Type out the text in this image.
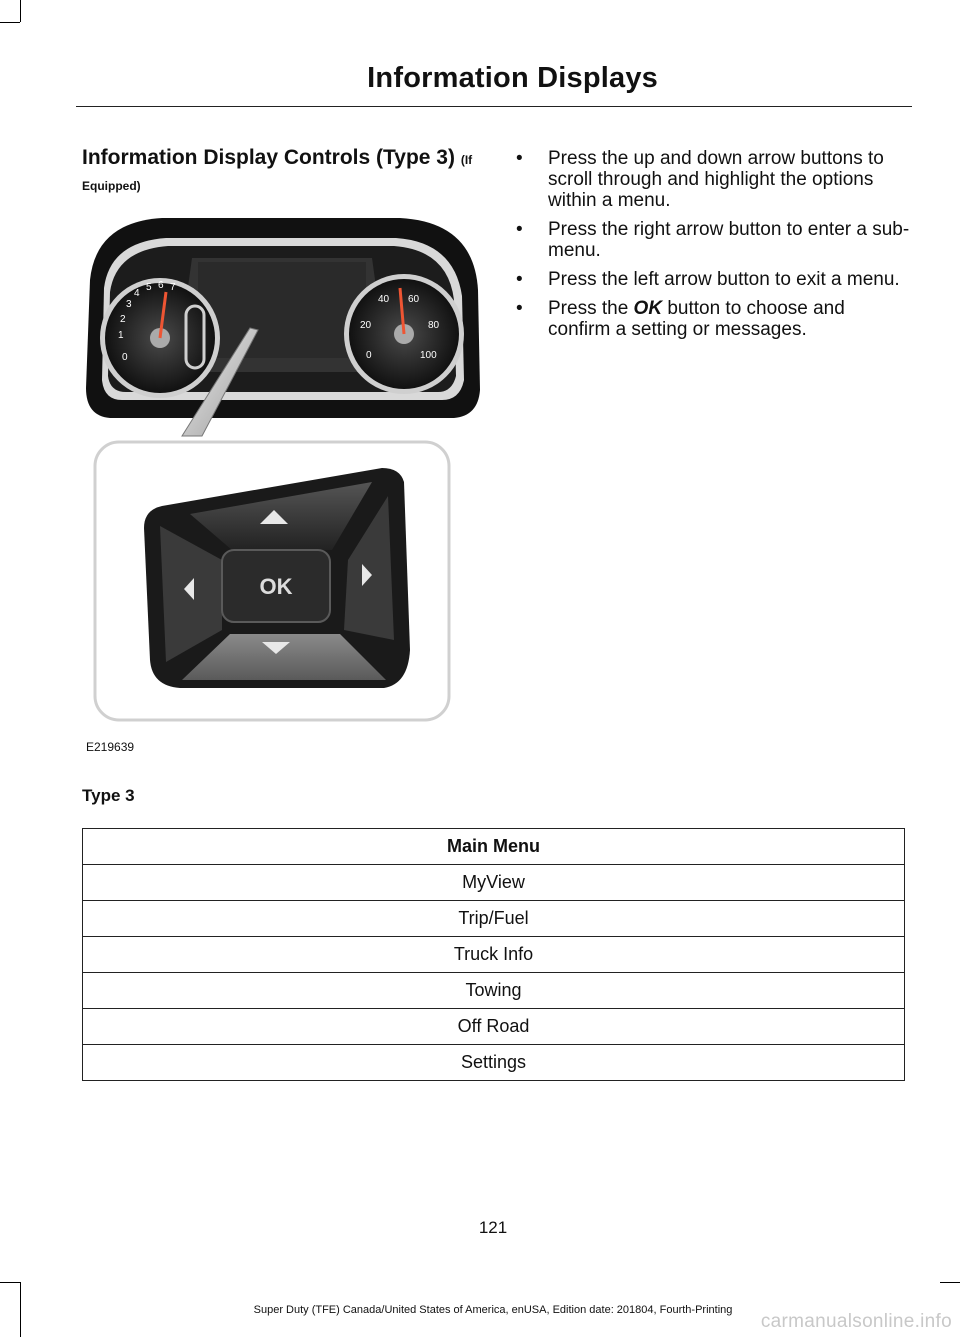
Information Displays
Information Display Controls (Type 3) (If Equipped)
0
1
2
3
4
5 6 7
0
20
40 60
80
100
OK
E219639
• Press the up and down arrow buttons to scroll through and highlight the options within a menu.
• Press the right arrow button to enter a sub-menu.
• Press the left arrow button to exit a menu.
• Press the OK button to choose and confirm a setting or messages.
Type 3
Main Menu
MyView
Trip/Fuel
Truck Info
Towing
Off Road
Settings
121
Super Duty (TFE) Canada/United States of America, enUSA, Edition date: 201804, Fourth-Printing
carmanualsonline.info
